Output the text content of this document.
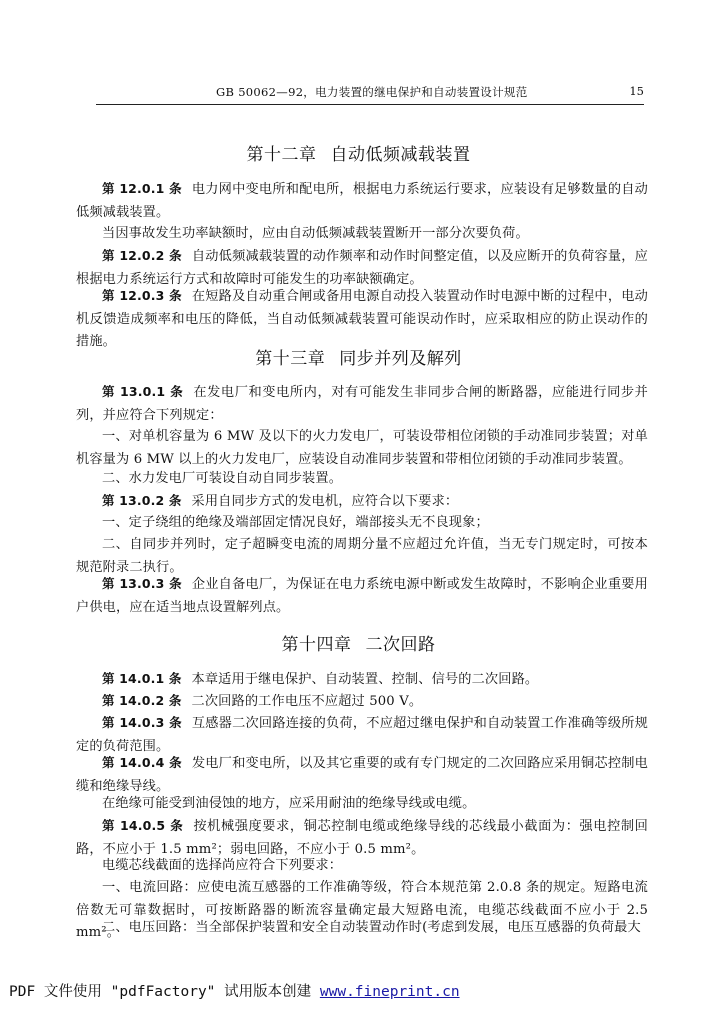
GB 50062—92，电力装置的继电保护和自动装置设计规范	15
第十二章 自动低频减载装置

第 12.0.1 条 电力网中变电所和配电所，根据电力系统运行要求，应装设有足够数量的自动低频减载装置。

当因事故发生功率缺额时，应由自动低频减载装置断开一部分次要负荷。

第 12.0.2 条 自动低频减载装置的动作频率和动作时间整定值，以及应断开的负荷容量，应根据电力系统运行方式和故障时可能发生的功率缺额确定。

第 12.0.3 条 在短路及自动重合闸或备用电源自动投入装置动作时电源中断的过程中，电动机反馈造成频率和电压的降低，当自动低频减载装置可能误动作时，应采取相应的防止误动作的措施。

第十三章 同步并列及解列

第 13.0.1 条 在发电厂和变电所内，对有可能发生非同步合闸的断路器，应能进行同步并列，并应符合下列规定：

一、对单机容量为 6 MW 及以下的火力发电厂，可装设带相位闭锁的手动准同步装置；对单机容量为 6 MW 以上的火力发电厂，应装设自动准同步装置和带相位闭锁的手动准同步装置。

二、水力发电厂可装设自动自同步装置。

第 13.0.2 条 采用自同步方式的发电机，应符合以下要求：

一、定子绕组的绝缘及端部固定情况良好，端部接头无不良现象；

二、自同步并列时，定子超瞬变电流的周期分量不应超过允许值，当无专门规定时，可按本规范附录二执行。

第 13.0.3 条 企业自备电厂，为保证在电力系统电源中断或发生故障时，不影响企业重要用户供电，应在适当地点设置解列点。

第十四章 二次回路

第 14.0.1 条 本章适用于继电保护、自动装置、控制、信号的二次回路。

第 14.0.2 条 二次回路的工作电压不应超过 500 V。

第 14.0.3 条 互感器二次回路连接的负荷，不应超过继电保护和自动装置工作准确等级所规定的负荷范围。

第 14.0.4 条 发电厂和变电所，以及其它重要的或有专门规定的二次回路应采用铜芯控制电缆和绝缘导线。

在绝缘可能受到油侵蚀的地方，应采用耐油的绝缘导线或电缆。

第 14.0.5 条 按机械强度要求，铜芯控制电缆或绝缘导线的芯线最小截面为：强电控制回路，不应小于 1.5 mm²；弱电回路，不应小于 0.5 mm²。

电缆芯线截面的选择尚应符合下列要求：

一、电流回路：应使电流互感器的工作准确等级，符合本规范第 2.0.8 条的规定。短路电流倍数无可靠数据时，可按断路器的断流容量确定最大短路电流，电缆芯线截面不应小于 2.5 mm²。

二、电压回路：当全部保护装置和安全自动装置动作时(考虑到发展，电压互感器的负荷最大

PDF 文件使用 "pdfFactory" 试用版本创建 www.fineprint.cn
